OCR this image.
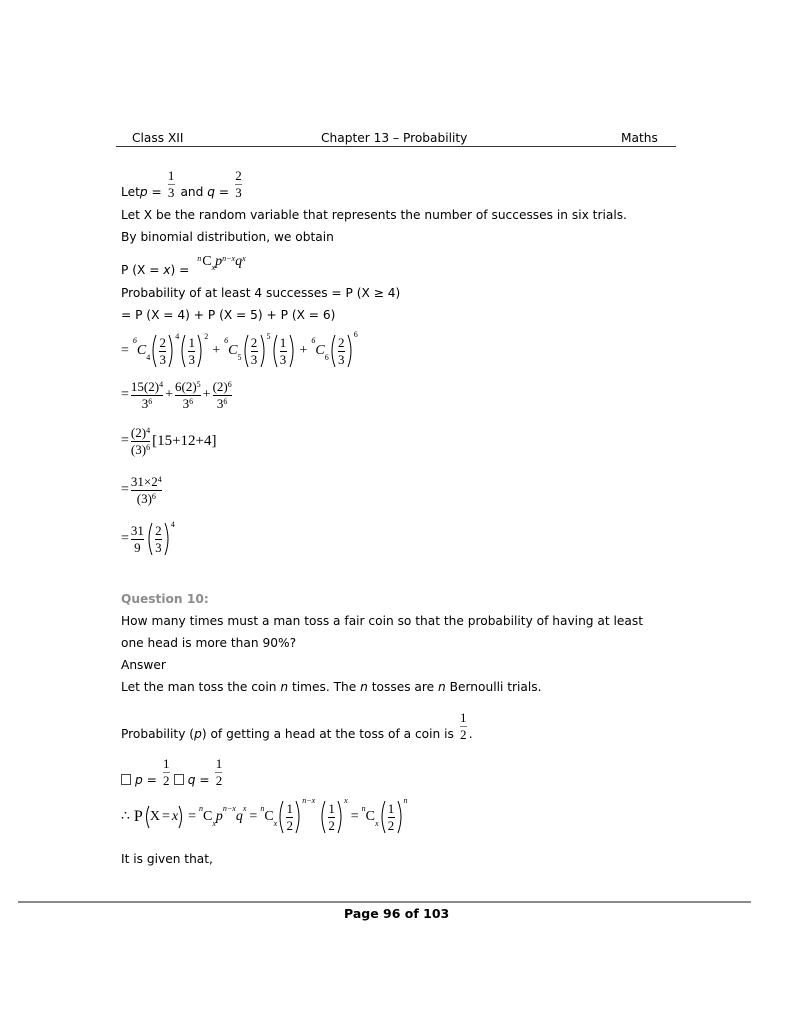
Class XII	Chapter 13 – Probability	Maths
Let $p = \frac{1}{3}$ and $q = \frac{2}{3}$
Let X be the random variable that represents the number of successes in six trials.
By binomial distribution, we obtain
P (X = x ) =
n C x p n−x q x
Probability of at least 4 successes = P (X ≥ 4)
= P (X = 4) + P (X = 5) + P (X = 6)
=
6
C $4 \frac{2}{3} 4 \frac{1}{3} 2$
+
6
C $5 \frac{2}{3} 5 \frac{1}{3}$ +
6
C $6 \frac{2}{3}$
6
= $\frac{15(2) 4}{3 6} + \frac{6(2) 5}{3 6} + \frac{(2) 6}{3 6}$
= $\frac{(2) 4}{(3) 6} [15+12+4]$
= $\frac{31\times 2 4}{(3) 6}$
= $\frac{31}{9} \frac{2}{3} 4$
Question 10:
How many times must a man toss a fair coin so that the probability of having at least
one head is more than 90%?
Answer
Let the man toss the coin n times. The n tosses are n Bernoulli trials.
Probability ( p ) of getting a head at the toss of a coin is $\frac{1}{2}$ .
$p = \frac{1}{2}$ $q = \frac{1}{2}$
∴ P X = x =
n
C x p
n−x
q
x
=
n
C x $\frac{1}{2}$
n−x
$\frac{1}{2}$
x
=
n
C x $\frac{1}{2}$
n
It is given that,
Page 96 of 103
